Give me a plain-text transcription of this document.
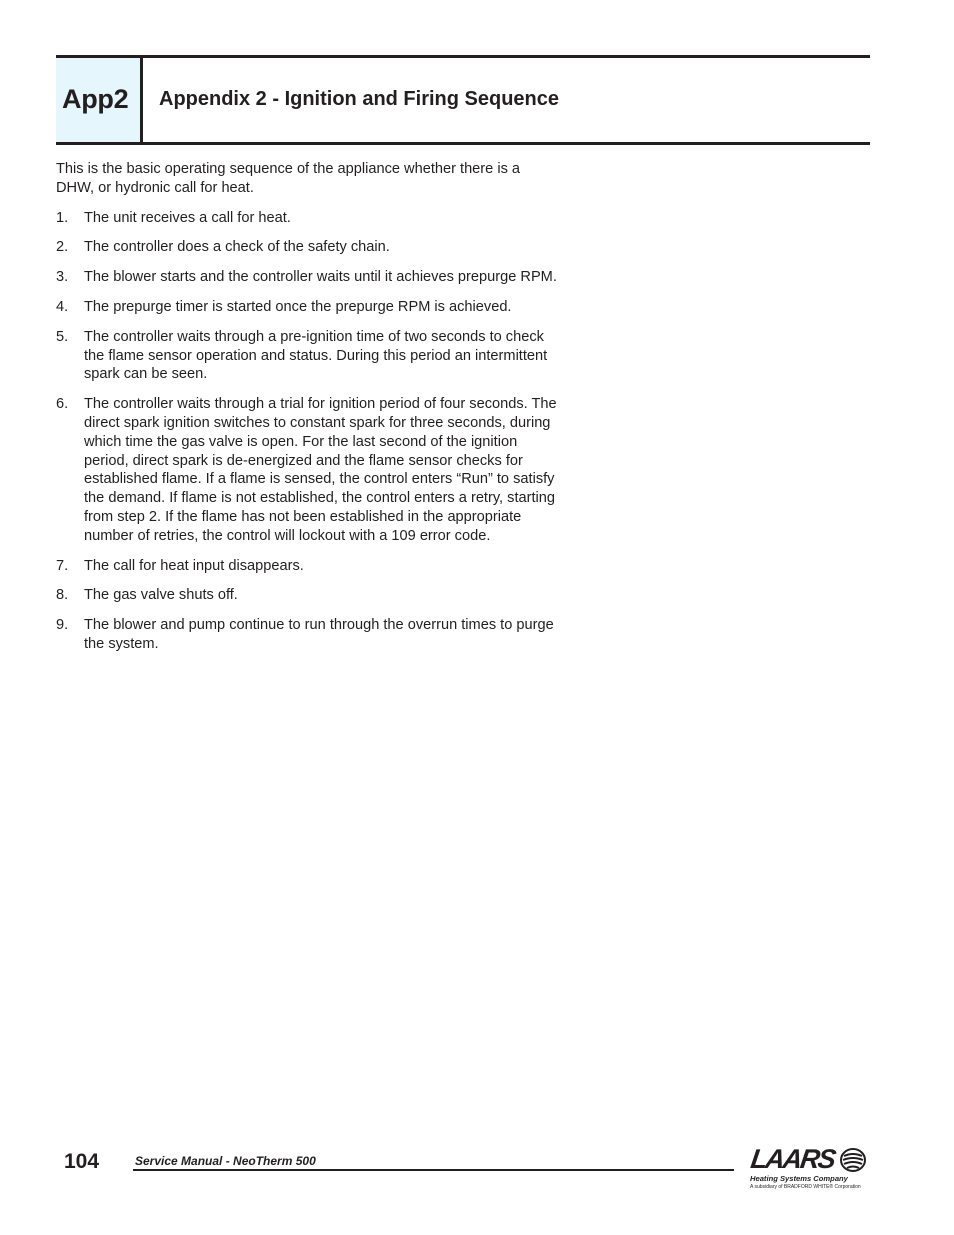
App2 Appendix 2 - Ignition and Firing Sequence

This is the basic operating sequence of the appliance whether there is a DHW, or hydronic call for heat.

1. The unit receives a call for heat.
2. The controller does a check of the safety chain.
3. The blower starts and the controller waits until it achieves prepurge RPM.
4. The prepurge timer is started once the prepurge RPM is achieved.
5. The controller waits through a pre-ignition time of two seconds to check the flame sensor operation and status. During this period an intermittent spark can be seen.
6. The controller waits through a trial for ignition period of four seconds. The direct spark ignition switches to constant spark for three seconds, during which time the gas valve is open. For the last second of the ignition period, direct spark is de-energized and the flame sensor checks for established flame. If a flame is sensed, the control enters “Run” to satisfy the demand. If flame is not established, the control enters a retry, starting from step 2. If the flame has not been established in the appropriate number of retries, the control will lockout with a 109 error code.
7. The call for heat input disappears.
8. The gas valve shuts off.
9. The blower and pump continue to run through the overrun times to purge the system.
104	Service Manual - NeoTherm 500	LAARS
Heating Systems Company
A subsidiary of BRADFORD WHITE® Corporation
